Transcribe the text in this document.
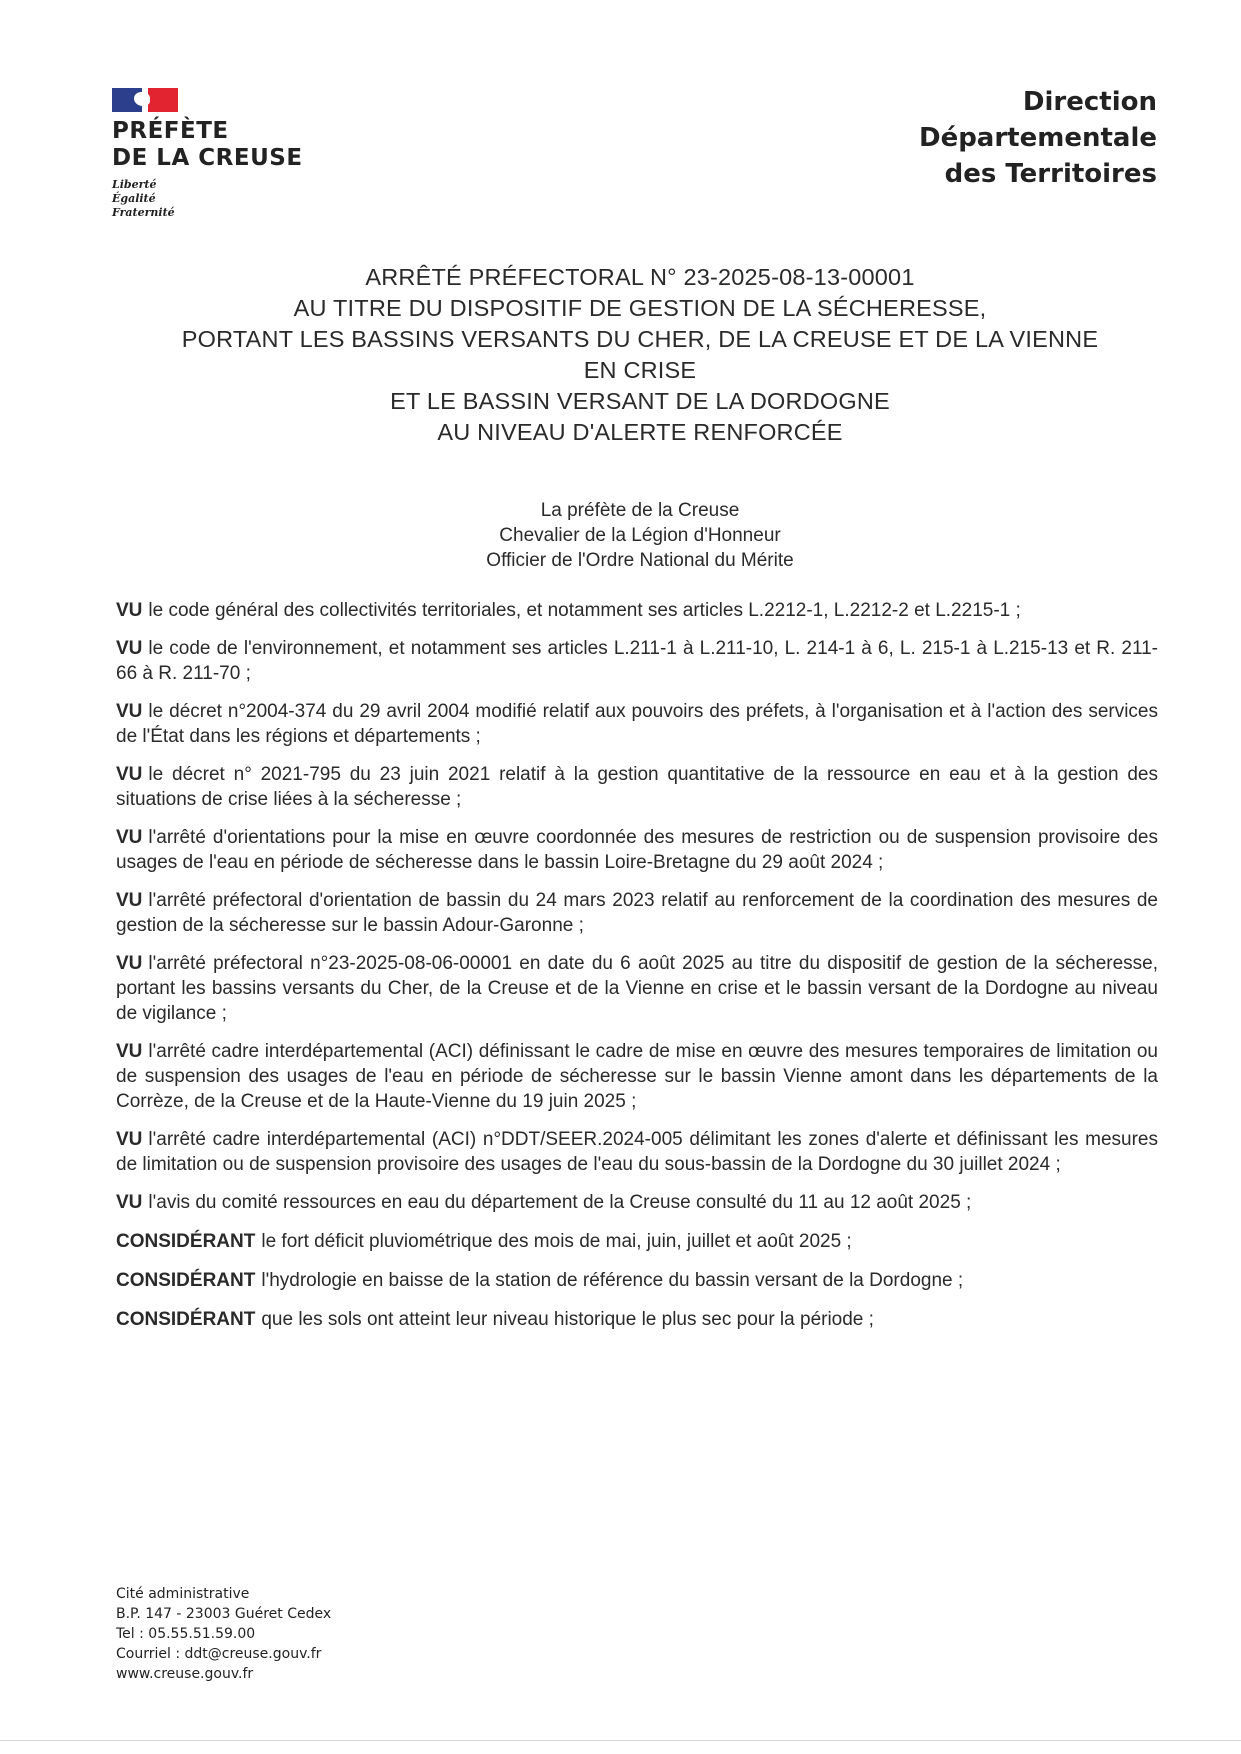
PRÉFÈTE
DE LA CREUSE
Liberté
Égalité
Fraternité
Direction
Départementale
des Territoires
ARRÊTÉ PRÉFECTORAL N° 23-2025-08-13-00001
AU TITRE DU DISPOSITIF DE GESTION DE LA SÉCHERESSE,
PORTANT LES BASSINS VERSANTS DU CHER, DE LA CREUSE ET DE LA VIENNE
EN CRISE
ET LE BASSIN VERSANT DE LA DORDOGNE
AU NIVEAU D'ALERTE RENFORCÉE
La préfète de la Creuse
Chevalier de la Légion d'Honneur
Officier de l'Ordre National du Mérite

VU le code général des collectivités territoriales, et notamment ses articles L.2212-1, L.2212-2 et L.2215-1 ;

VU le code de l'environnement, et notamment ses articles L.211-1 à L.211-10, L. 214-1 à 6, L. 215-1 à L.215-13 et R. 211-66 à R. 211-70 ;

VU le décret n°2004-374 du 29 avril 2004 modifié relatif aux pouvoirs des préfets, à l'organisation et à l'action des services de l'État dans les régions et départements ;

VU le décret n° 2021-795 du 23 juin 2021 relatif à la gestion quantitative de la ressource en eau et à la gestion des situations de crise liées à la sécheresse ;

VU l'arrêté d'orientations pour la mise en œuvre coordonnée des mesures de restriction ou de suspension provisoire des usages de l'eau en période de sécheresse dans le bassin Loire-Bretagne du 29 août 2024 ;

VU l'arrêté préfectoral d'orientation de bassin du 24 mars 2023 relatif au renforcement de la coordination des mesures de gestion de la sécheresse sur le bassin Adour-Garonne ;

VU l'arrêté préfectoral n°23-2025-08-06-00001 en date du 6 août 2025 au titre du dispositif de gestion de la sécheresse, portant les bassins versants du Cher, de la Creuse et de la Vienne en crise et le bassin versant de la Dordogne au niveau de vigilance ;

VU l'arrêté cadre interdépartemental (ACI) définissant le cadre de mise en œuvre des mesures temporaires de limitation ou de suspension des usages de l'eau en période de sécheresse sur le bassin Vienne amont dans les départements de la Corrèze, de la Creuse et de la Haute-Vienne du 19 juin 2025 ;

VU l'arrêté cadre interdépartemental (ACI) n°DDT/SEER.2024-005 délimitant les zones d'alerte et définissant les mesures de limitation ou de suspension provisoire des usages de l'eau du sous-bassin de la Dordogne du 30 juillet 2024 ;

VU l'avis du comité ressources en eau du département de la Creuse consulté du 11 au 12 août 2025 ;

CONSIDÉRANT le fort déficit pluviométrique des mois de mai, juin, juillet et août 2025 ;

CONSIDÉRANT l'hydrologie en baisse de la station de référence du bassin versant de la Dordogne ;

CONSIDÉRANT que les sols ont atteint leur niveau historique le plus sec pour la période ;

Cité administrative
B.P. 147 - 23003 Guéret Cedex
Tel : 05.55.51.59.00
Courriel : ddt@creuse.gouv.fr
www.creuse.gouv.fr
